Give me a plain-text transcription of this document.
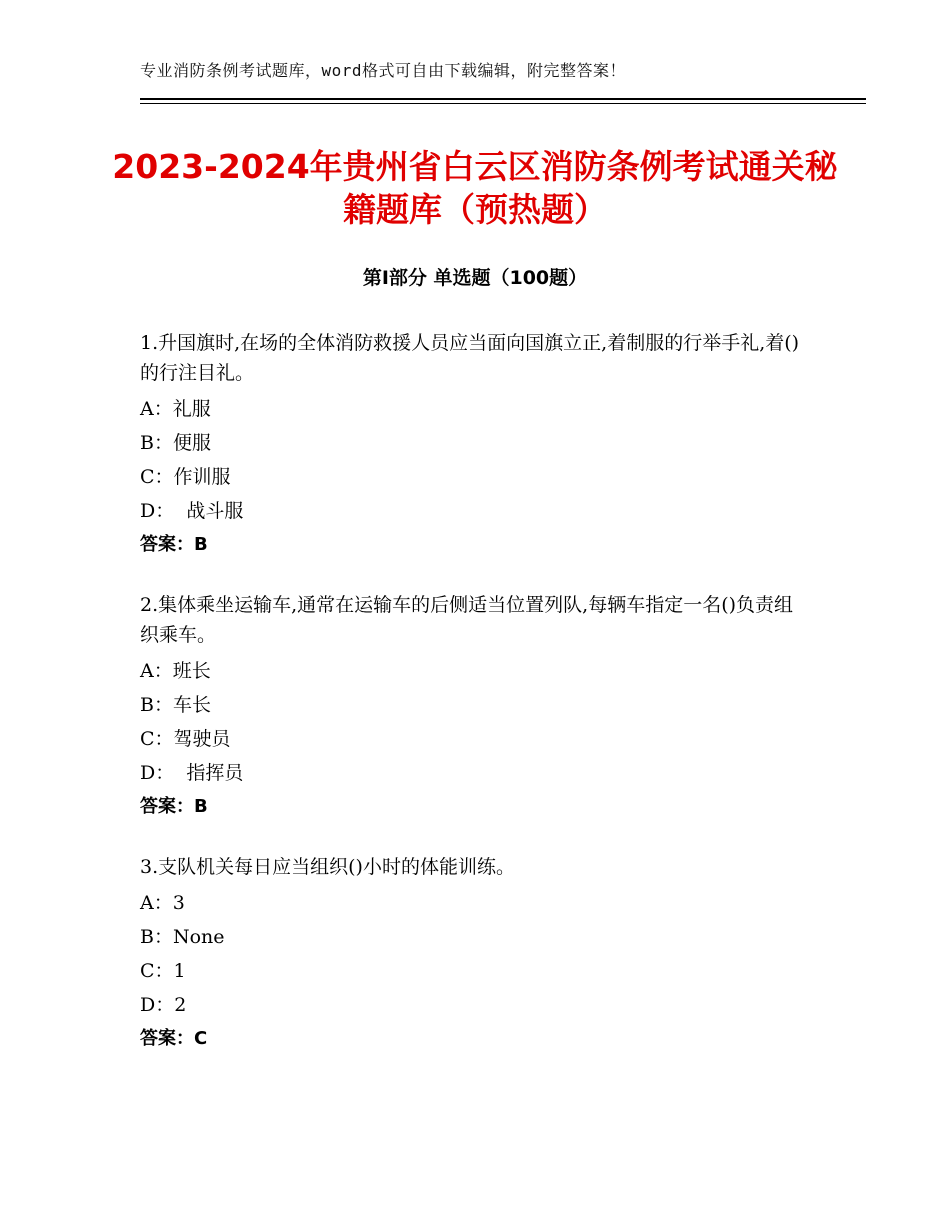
专业消防条例考试题库，word格式可自由下载编辑，附完整答案！
2023-2024年贵州省白云区消防条例考试通关秘籍题库（预热题）
第Ⅰ部分 单选题（100题）
1.升国旗时,在场的全体消防救援人员应当面向国旗立正,着制服的行举手礼,着()的行注目礼。
A：礼服
B：便服
C：作训服
D：  战斗服
答案：B
2.集体乘坐运输车,通常在运输车的后侧适当位置列队,每辆车指定一名()负责组织乘车。
A：班长
B：车长
C：驾驶员
D：  指挥员
答案：B
3.支队机关每日应当组织()小时的体能训练。
A：3
B：None
C：1
D：2
答案：C
